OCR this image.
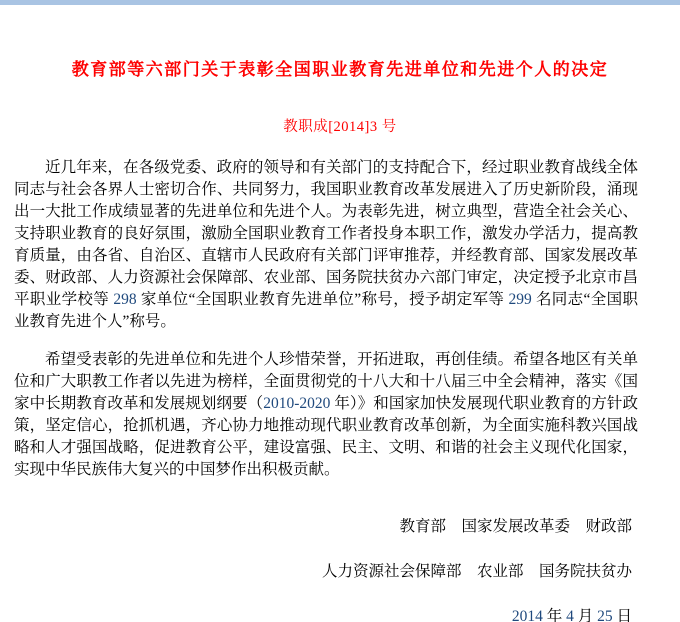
教育部等六部门关于表彰全国职业教育先进单位和先进个人的决定
教职成[2014]3 号

近几年来，在各级党委、政府的领导和有关部门的支持配合下，经过职业教育战线全体同志与社会各界人士密切合作、共同努力，我国职业教育改革发展进入了历史新阶段，涌现出一大批工作成绩显著的先进单位和先进个人。为表彰先进，树立典型，营造全社会关心、支持职业教育的良好氛围，激励全国职业教育工作者投身本职工作，激发办学活力，提高教育质量，由各省、自治区、直辖市人民政府有关部门评审推荐，并经教育部、国家发展改革委、财政部、人力资源社会保障部、农业部、国务院扶贫办六部门审定，决定授予北京市昌平职业学校等 298 家单位“全国职业教育先进单位”称号，授予胡定军等 299 名同志“全国职业教育先进个人”称号。

希望受表彰的先进单位和先进个人珍惜荣誉，开拓进取，再创佳绩。希望各地区有关单位和广大职教工作者以先进为榜样，全面贯彻党的十八大和十八届三中全会精神，落实《国家中长期教育改革和发展规划纲要（2010-2020 年）》和国家加快发展现代职业教育的方针政策，坚定信心，抢抓机遇，齐心协力地推动现代职业教育改革创新，为全面实施科教兴国战略和人才强国战略，促进教育公平，建设富强、民主、文明、和谐的社会主义现代化国家，实现中华民族伟大复兴的中国梦作出积极贡献。

教育部　国家发展改革委　财政部
人力资源社会保障部　农业部　国务院扶贫办
2014 年 4 月 25 日
